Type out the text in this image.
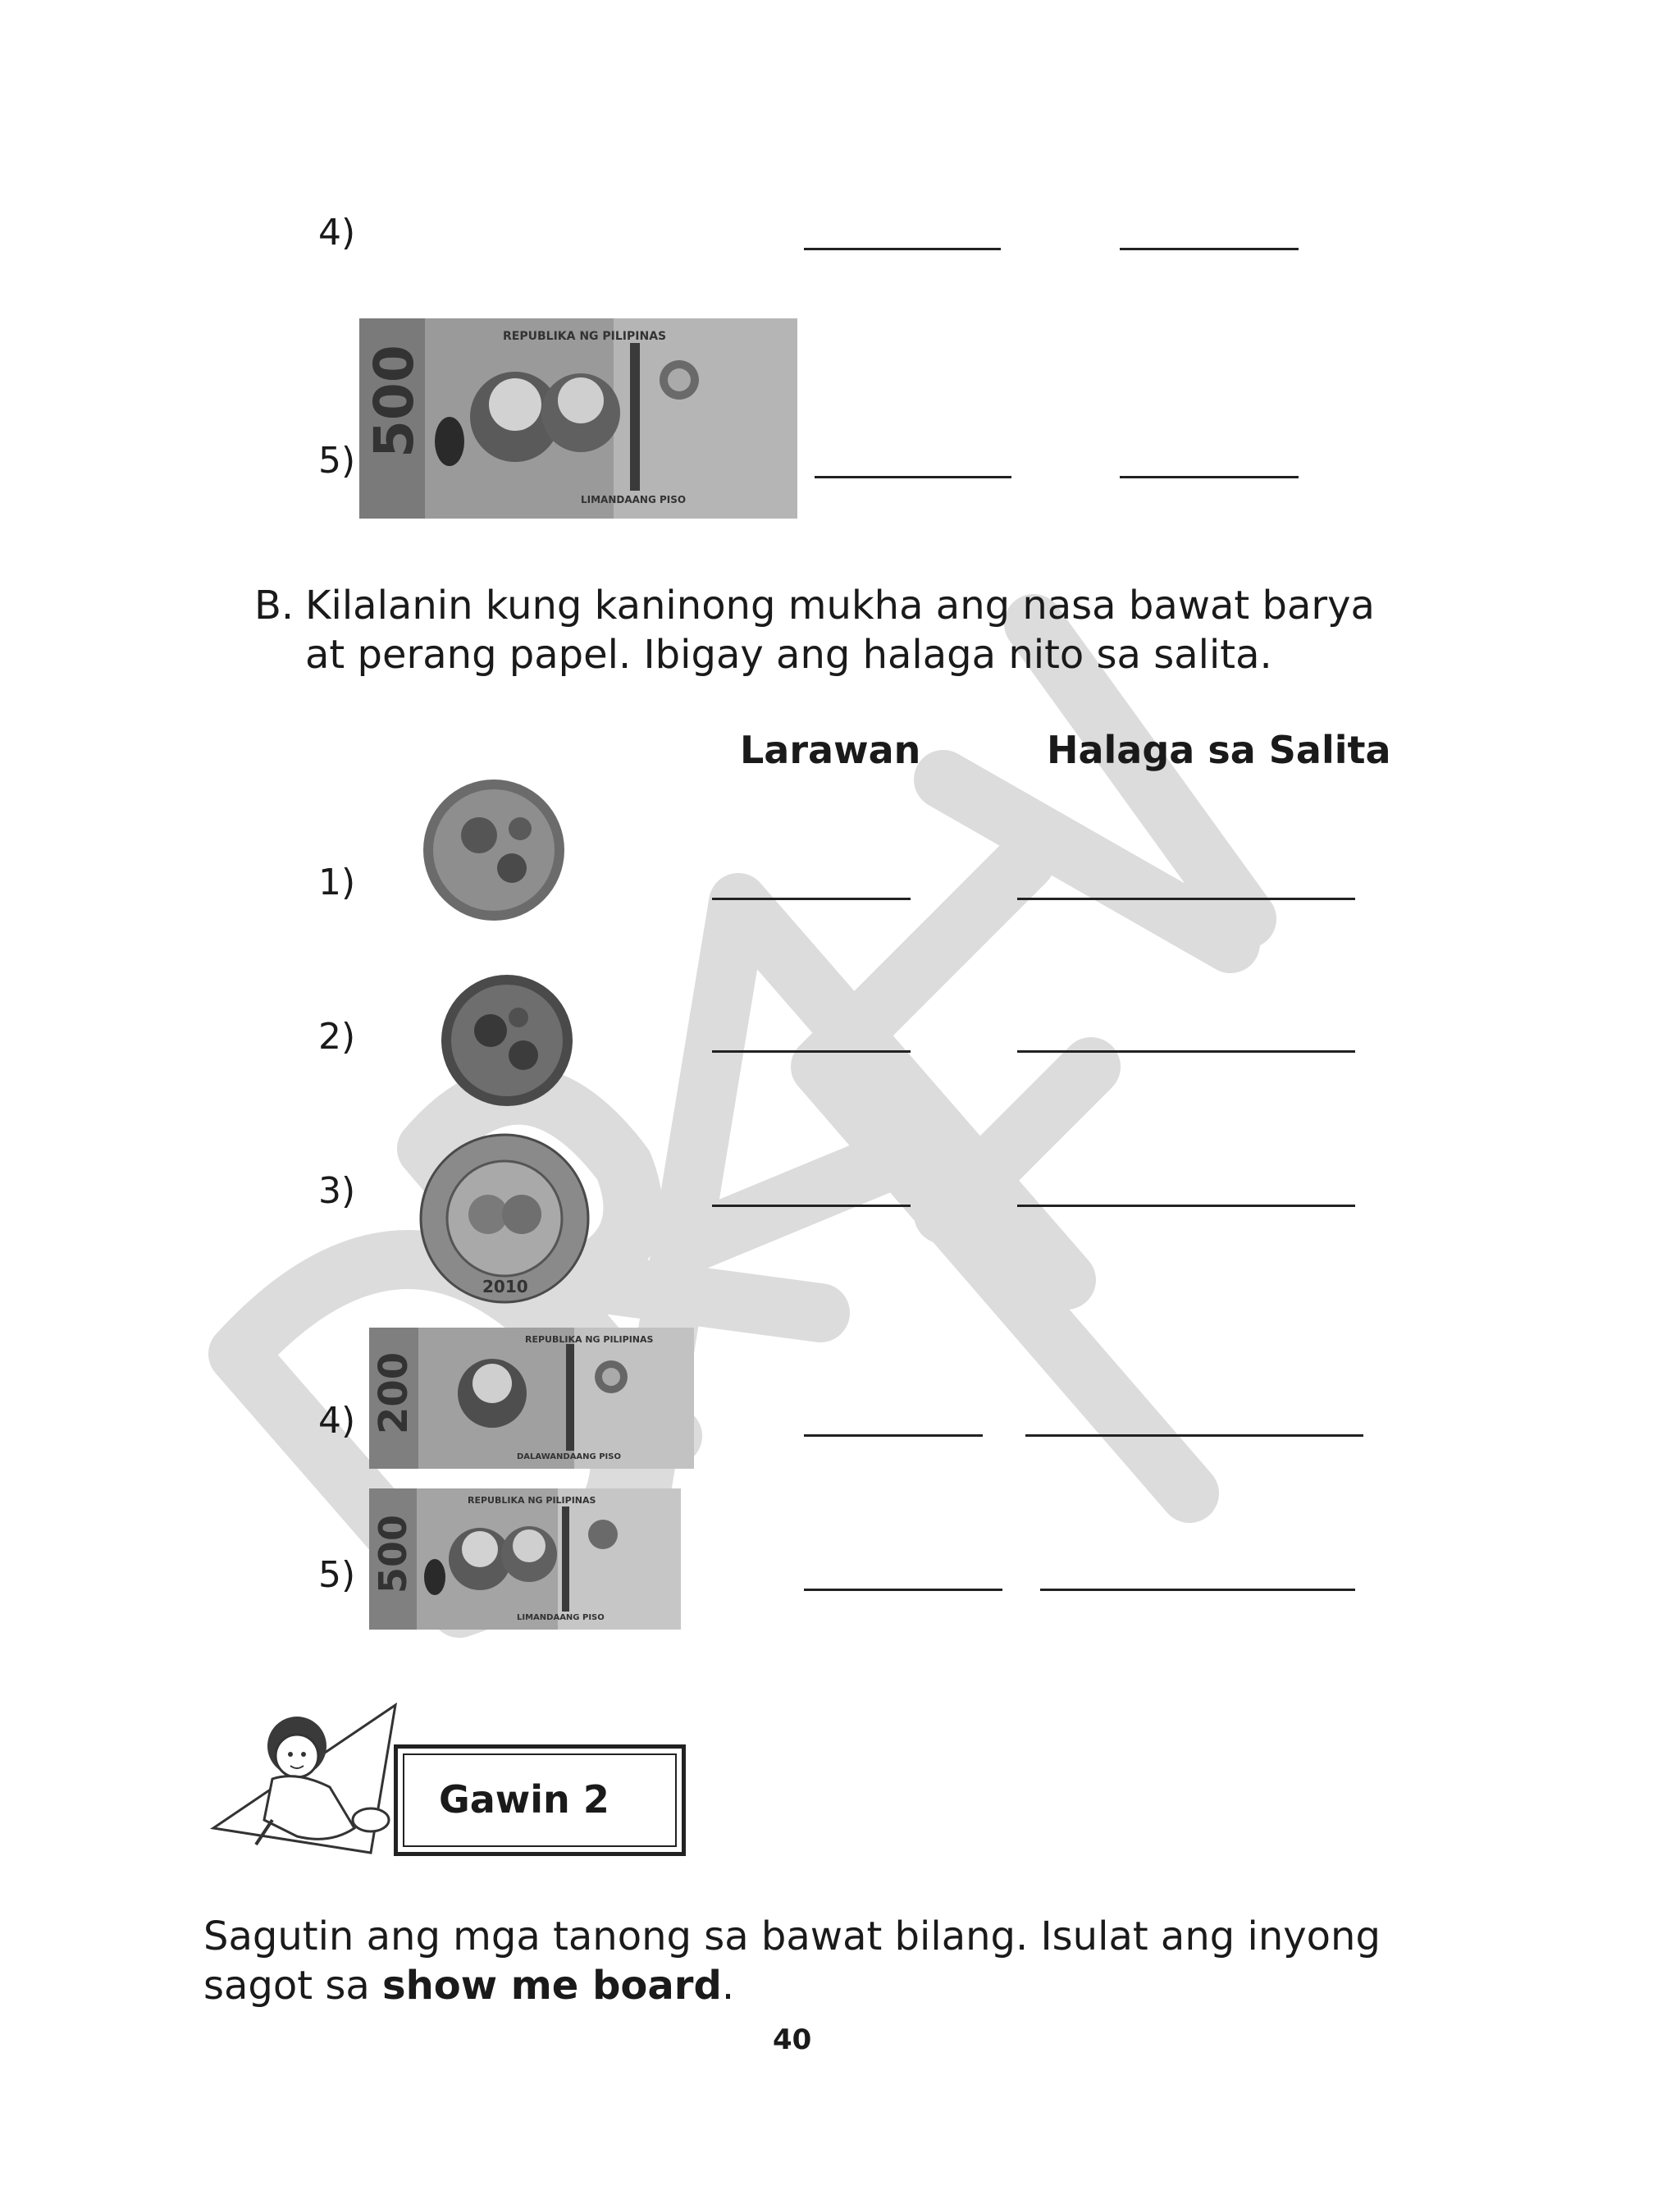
4)
500
REPUBLIKA NG PILIPINAS
LIMANDAANG PISO
5)
B. Kilalanin kung kaninong mukha ang nasa bawat barya
at perang papel. Ibigay ang halaga nito sa salita.
Larawan	Halaga sa Salita
1)
2)
3)
2010
200
REPUBLIKA NG PILIPINAS
DALAWANDAANG PISO
4)
500
REPUBLIKA NG PILIPINAS
LIMANDAANG PISO
5)
Gawin 2
Sagutin ang mga tanong sa bawat bilang. Isulat ang inyong
sagot sa show me board.
40
